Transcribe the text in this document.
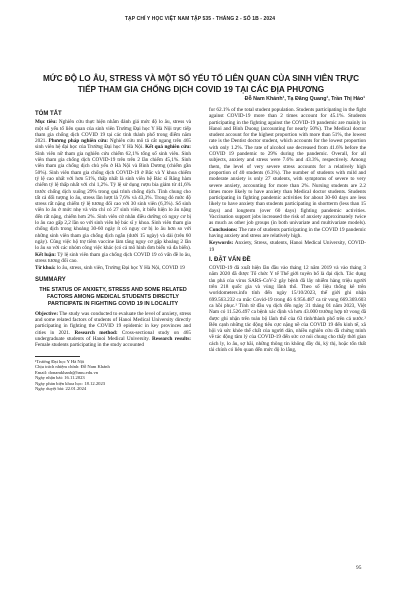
TẠP CHÍ Y HỌC VIỆT NAM TẬP 535 - THÁNG 2 - SỐ 1B - 2024
MỨC ĐỘ LO ÂU, STRESS VÀ MỘT SỐ YẾU TỐ LIÊN QUAN CỦA SINH VIÊN TRỰC TIẾP THAM GIA CHỐNG DỊCH COVID 19 TẠI CÁC ĐỊA PHƯƠNG
Đỗ Nam Khánh¹, Tạ Đăng Quang¹, Trần Thị Hảo¹
TÓM TẮT

Mục tiêu: Nghiên cứu thực hiện nhằm đánh giá mức độ lo âu, stress và một số yếu tố liên quan của sinh viên Trường Đại học Y Hà Nội trực tiếp tham gia chống dịch COVID 19 tại các tỉnh thành phố trong điểm năm 2021. Phương pháp nghiên cứu: Nghiên cứu mô tả cắt ngang trên 465 sinh viên hệ đại học của Trường Đại học Y Hà Nội. Kết quả nghiên cứu: Sinh viên nữ tham gia nghiên cứu chiếm 62,1% tổng số sinh viên. Sinh viên tham gia chống dịch COVID-19 trên trên 2 lần chiếm 45,1%. Sinh viên tham gia chống dịch chủ yếu ở Hà Nội và Bình Dương (chiếm gần 50%). Sinh viên tham gia chống dịch COVID-19 ở Bắc và Y khoa chiếm tỷ lệ cao nhất với hơn 51%, thấp nhất là sinh viên hệ Bác sĩ Răng hàm chiếm tỷ lệ thấp nhất với chỉ 1,2%. Tỷ lệ sử dụng rượu bia giảm từ 41,6% trước chống dịch xuống 29% trong quá trình chống dịch. Tình chung cho tất cả đối tượng lo âu, stress lần lượt là 7,6% và 43,3%. Trong đó mức độ stress rất nặng chiếm tỷ lệ tương đối cao với 30 sinh viên (6,3%). Số sinh viên lo âu ở mức nhẹ và vừa chỉ có 27 sinh viên, ít biểu hiện lo âu nặng đến rất nặng, chiếm hơn 2%. Sinh viên cử nhân điều dưỡng có nguy cơ bị lo âu cao gấp 2,2 lần so với sinh viên hệ bác sĩ y khoa. Sinh viên tham gia chống dịch trong khoảng 30-60 ngày ít có nguy cơ bị lo âu hơn so với những sinh viên tham gia chống dịch ngắn (dưới 15 ngày) và dài (trên 60 ngày). Cũng việc hộ trợ tiêm vaccine làm tăng nguy cơ gặp khoảng 2 lần lo âu so với các nhóm công việc khác (có cả mô hình đơn biến và đa biến). Kết luận: Tỷ lệ sinh viên tham gia chống dịch COVID 19 có vấn đề lo âu, stress tương đối cao.

Từ khoá: lo âu, stress, sinh viên, Trường Đại học Y Hà Nội, COVID 19

SUMMARY
THE STATUS OF ANXIETY, STRESS AND SOME RELATED FACTORS AMONG MEDICAL STUDENTS DIRECTLY PARTICIPATE IN FIGHTING COVID 19 IN LOCALITY

Objective: The study was conducted to evaluate the level of anxiety, stress and some related factors of students of Hanoi Medical University directly participating in fighting the COVID 19 epidemic in key provinces and cities in 2021. Research method: Cross-sectional study on 465 undergraduate students of Hanoi Medical University. Research results: Female students participating in the study accounted

¹Trường Đại học Y Hà Nội
Chịu trách nhiệm chính: Đỗ Nam Khánh
Email: donamkhanh@hmu.edu.vn
Ngày nhận bài: 16.11.2023
Ngày phản biện khoa học: 18.12.2023
Ngày duyệt bài: 22.01.2024

for 62.1% of the total student population. Students participating in the fight against COVID-19 more than 2 times account for 45.1%. Students participating in the fighting against the COVID-19 pandemic are mainly in Hanoi and Binh Duong (accounting for nearly 50%). The Medical doctor student account for the highest proportion with more than 51%, the lowest rate is the Dentist doctor student, which accounts for the lowest proportion with only 1.2%. The rate of alcohol use decreased from 41.6% before the COVID 19 pandemic to 29% during the pandemic. Overall, for all subjects, anxiety and stress were 7.6% and 43.3%, respectively. Among them, the level of very severe stress accounts for a relatively high proportion of 40 students (6.3%). The number of students with mild and moderate anxiety is only 27 students, with symptoms of severe to very severe anxiety, accounting for more than 2%. Nursing students are 2.2 times more likely to have anxiety than Medical doctor students. Students participating in fighting pandemic activities for about 30-60 days are less likely to have anxiety than students participating in shortterm (less than 15 days) and longterm (over 60 days) fighting pandemic activities. Vaccination support jobs increased the risk of anxiety approximately twice as much as other job groups (in both univariate and multivariate models). Conclusions: The rate of students participating in the COVID 19 pandemic having anxiety and stress are relatively high.

Keywords: Anxiety, Stress, students, Hanoi Medical University, COVID-19

I. ĐẶT VẤN ĐỀ

COVID-19 đã xuất hiện lần đầu vào tháng 12 năm 2019 và vào tháng 3 năm 2020 đã được Tổ chức Y tế Thế giới tuyên bố là đại dịch. Tác dụng tàn phá của virus SARS-CoV-2 gây bệnh đã lây nhiễm hàng triệu người trên 218 quốc gia và vùng lãnh thổ. Theo số liệu thống kê trên worldometers.info tính đến ngày 15/10/2023, thế giới ghi nhận 699.563.232 ca mắc Covid-19 trong đó 6.956.487 ca tử vong 669.369.603 ca hồi phục.¹ Tính từ đầu vụ dịch đến ngày 31 tháng 01 năm 2023, Việt Nam có 11.526.497 ca bệnh xác định và hơn 43.000 trường hợp tử vong đã được ghi nhận trên toàn bộ lãnh thổ của 63 tỉnh/thành phố trên cả nước.² Bên cạnh những tác động tiêu cực nặng nề của COVID 19 đến kinh tế, xã hội và sức khỏe thể chất của người dân, nhiều nghiên cứu đã chứng minh về tác động tâm lý của COVID-19 đến sức cơ nói chung cho thấy thời gian cách ly, lo âu, sợ hãi, những thông tin không đầy đủ, kỳ thị, hoặc tổn thất tài chính có liên quan đến mức độ lo lắng,

95
